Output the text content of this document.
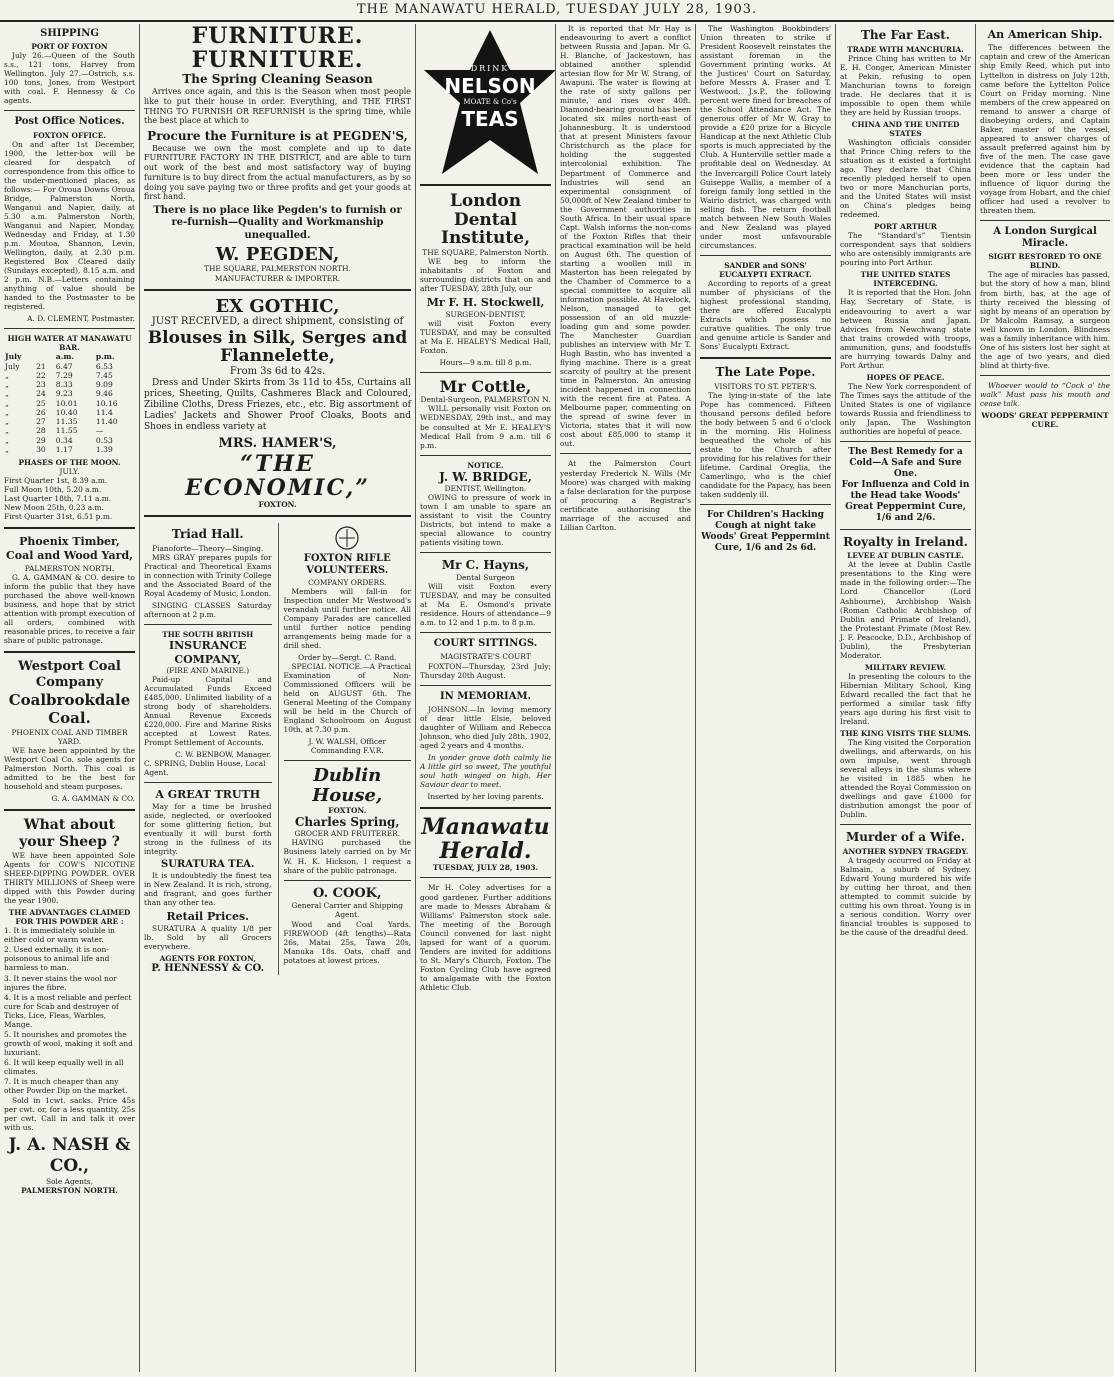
THE MANAWATU HERALD, TUESDAY JULY 28, 1903.
SHIPPING
PORT OF FOXTON

July 26.—Queen of the South s.s., 121 tons, Harvey from Wellington. July 27.—Ostrich, s.s. 100 tons, Jones, from Westport with coal. F. Hennessy & Co agents.

Post Office Notices.
FOXTON OFFICE.

On and after 1st December, 1900, the letter-box will be cleared for despatch of correspondence from this office to the under-mentioned places, as follows:— For Oroua Downs Oroua Bridge, Palmerston North, Wanganui and Napier, daily, at 5.30 a.m. Palmerston North, Wanganui and Napier, Monday, Wednesday and Friday, at 1.30 p.m. Moutoa, Shannon, Levin, Wellington, daily, at 2.30 p.m. Registered Box Cleared daily (Sundays excepted), 8.15 a.m. and 2 p.m. N.B.—Letters containing anything of value should be handed to the Postmaster to be registered.

A. D. CLEMENT, Postmaster.
HIGH WATER AT MANAWATU BAR.
July		a.m.	p.m.
July	21	6.47	6.53
„	22	7.29	7.45
„	23	8.33	9.09
„	24	9.23	9.46
„	25	10.01	10.16
„	26	10.40	11.4
„	27	11.35	11.40
„	28	11.55	—
„	29	0.34	0.53
„	30	1.17	1.39
PHASES OF THE MOON.
JULY.
First Quarter 1st, 8.39 a.m.
Full Moon 10th, 5.20 a.m.
Last Quarter 18th, 7.11 a.m.
New Moon 25th, 0.23 a.m.
First Quarter 31st, 6.51 p.m.
Phoenix Timber, Coal and Wood Yard,
PALMERSTON NORTH.

G. A. GAMMAN & CO. desire to inform the public that they have purchased the above well-known business, and hope that by strict attention with prompt execution of all orders, combined with reasonable prices, to receive a fair share of public patronage.

Westport Coal Company
Coalbrookdale Coal.
PHOENIX COAL AND TIMBER YARD.

WE have been appointed by the Westport Coal Co. sole agents for Palmerston North. This coal is admitted to be the best for household and steam purposes.

G. A. GAMMAN & CO.
What about your Sheep ?

WE have been appointed Sole Agents for COW'S NICOTINE SHEEP-DIPPING POWDER. OVER THIRTY MILLIONS of Sheep were dipped with this Powder during the year 1900.

THE ADVANTAGES CLAIMED FOR THIS POWDER ARE :
1. It is immediately soluble in either cold or warm water.
2. Used externally, it is non-poisonous to animal life and harmless to man.
3. It never stains the wool nor injures the fibre.
4. It is a most reliable and perfect cure for Scab and destroyer of Ticks, Lice, Fleas, Warbles, Mange.
5. It nourishes and promotes the growth of wool, making it soft and luxuriant.
6. It will keep equally well in all climates.
7. It is much cheaper than any other Powder Dip on the market.

Sold in 1cwt. sacks. Price 45s per cwt. or, for a less quantity, 25s per cwt. Call in and talk it over with us.

J. A. NASH & CO.,
Sole Agents,
PALMERSTON NORTH.
FURNITURE. FURNITURE.
The Spring Cleaning Season

Arrives once again, and this is the Season when most people like to put their house in order. Everything, and THE FIRST THING TO FURNISH OR REFURNISH is the spring time, while the best place at which to

Procure the Furniture is at PEGDEN'S,

Because we own the most complete and up to date FURNITURE FACTORY IN THE DISTRICT, and are able to turn out work of the best and most satisfactory way of buying furniture is to buy direct from the actual manufacturers, as by so doing you save paying two or three profits and get your goods at first hand.

There is no place like Pegden's to furnish or re-furnish—Quality and Workmanship unequalled.
W. PEGDEN,
THE SQUARE, PALMERSTON NORTH.
MANUFACTURER & IMPORTER.
EX GOTHIC,
JUST RECEIVED, a direct shipment, consisting of
Blouses in Silk, Serges and Flannelette,
From 3s 6d to 42s.

Dress and Under Skirts from 3s 11d to 45s, Curtains all prices, Sheeting, Quilts, Cashmeres Black and Coloured, Zibiline Cloths, Dress Friezes, etc., etc. Big assortment of Ladies' Jackets and Shower Proof Cloaks, Boots and Shoes in endless variety at

MRS. HAMER'S,
“THE ECONOMIC,”
FOXTON.
Triad Hall.
Pianoforte—Theory—Singing.

MRS GRAY prepares pupils for Practical and Theoretical Exams in connection with Trinity College and the Associated Board of the Royal Academy of Music, London.

SINGING CLASSES Saturday afternoon at 2 p.m.

THE SOUTH BRITISH
INSURANCE COMPANY,
(FIRE AND MARINE.)

Paid-up Capital and Accumulated Funds Exceed £485,000. Unlimited liability of a strong body of shareholders. Annual Revenue Exceeds £220,000. Fire and Marine Risks accepted at Lowest Rates. Prompt Settlement of Accounts.

C. W. BENBOW, Manager.
C. SPRING, Dublin House, Local Agent.
A GREAT TRUTH

May for a time be brushed aside, neglected, or overlooked for some glittering fiction, but eventually it will burst forth strong in the fullness of its integrity.

SURATURA TEA.

It is undoubtedly the finest tea in New Zealand. It is rich, strong, and fragrant, and goes further than any other tea.

Retail Prices.

SURATURA A quality 1/8 per lb. Sold by all Grocers everywhere.

AGENTS FOR FOXTON,
P. HENNESSY & CO.
FOXTON RIFLE VOLUNTEERS.
COMPANY ORDERS.

Members will fall-in for Inspection under Mr Westwood's verandah until further notice. All Company Parades are cancelled until further notice pending arrangements being made for a drill shed.

Order by—Sergt. C. Rand.

SPECIAL NOTICE.—A Practical Examination of Non-Commissioned Officers will be held on AUGUST 6th. The General Meeting of the Company will be held in the Church of England Schoolroom on August 10th, at 7.30 p.m.

J. W. WALSH, Officer Commanding F.V.R.
Dublin House,
FOXTON.
Charles Spring,
GROCER AND FRUITERER.

HAVING purchased the Business lately carried on by Mr W. H. K. Hickson, I request a share of the public patronage.

O. COOK,
General Carrier and Shipping Agent.

Wood and Coal Yards. FIREWOOD (4ft lengths)—Rata 26s, Matai 25s, Tawa 20s, Manuka 18s. Oats, chaff and potatoes at lowest prices.

DRINK
NELSON
MOATE & Co's
TEAS
London Dental Institute,
THE SQUARE, Palmerston North.

WE beg to inform the inhabitants of Foxton and surrounding districts that on and after TUESDAY, 28th July, our

Mr F. H. Stockwell,
SURGEON-DENTIST,

will visit Foxton every TUESDAY, and may be consulted at Ma E. HEALEY'S Medical Hall, Foxton.

Hours—9 a.m. till 8 p.m.
Mr Cottle,
Dental-Surgeon, PALMERSTON N.

WILL personally visit Foxton on WEDNESDAY, 29th inst., and may be consulted at Mr E. HEALEY'S Medical Hall from 9 a.m. till 6 p.m.

NOTICE.
J. W. BRIDGE,
DENTIST, Wellington.

OWING to pressure of work in town I am unable to spare an assistant to visit the Country Districts, but intend to make a special allowance to country patients visiting town.

Mr C. Hayns,
Dental Surgeon

Will visit Foxton every TUESDAY, and may be consulted at Ma E. Osmond's private residence. Hours of attendance—9 a.m. to 12 and 1 p.m. to 8 p.m.

COURT SITTINGS.
MAGISTRATE'S COURT

FOXTON—Thursday, 23rd July; Thursday 20th August.

IN MEMORIAM.

JOHNSON.—In loving memory of dear little Elsie, beloved daughter of William and Rebecca Johnson, who died July 28th, 1902, aged 2 years and 4 months.

In yonder grave doth calmly lie A little girl so sweet, The youthful soul hath winged on high, Her Saviour dear to meet.

Inserted by her loving parents.
Manawatu Herald.
TUESDAY, JULY 28, 1903.

Mr H. Coley advertises for a good gardener. Further additions are made to Messrs Abraham & Williams' Palmerston stock sale. The meeting of the Borough Council convened for last night lapsed for want of a quorum. Tenders are invited for additions to St. Mary's Church, Foxton. The Foxton Cycling Club have agreed to amalgamate with the Foxton Athletic Club.

It is reported that Mr Hay is endeavouring to avert a conflict between Russia and Japan. Mr G. H. Blanche, of Jackestown, has obtained another splendid artesian flow for Mr W. Strang, of Awapuni. The water is flowing at the rate of sixty gallons per minute, and rises over 40ft. Diamond-bearing ground has been located six miles north-east of Johannesburg. It is understood that at present Ministers favour Christchurch as the place for holding the suggested intercolonial exhibition. The Department of Commerce and Industries will send an experimental consignment of 50,000ft of New Zealand timber to the Government authorities in South Africa. In their usual space Capt. Walsh informs the non-coms of the Foxton Rifles that their practical examination will be held on August 6th. The question of starting a woollen mill in Masterton has been relegated by the Chamber of Commerce to a special committee to acquire all information possible. At Havelock, Nelson, managed to get possession of an old muzzle-loading gun and some powder. The Manchester Guardian publishes an interview with Mr T. Hugh Bastin, who has invented a flying machine. There is a great scarcity of poultry at the present time in Palmerston. An amusing incident happened in connection with the recent fire at Patea. A Melbourne paper, commenting on the spread of swine fever in Victoria, states that it will now cost about £85,000 to stamp it out.

At the Palmerston Court yesterday Frederick N. Wills (Mr Moore) was charged with making a false declaration for the purpose of procuring a Registrar's certificate authorising the marriage of the accused and Lillian Carlton.

The Washington Bookbinders' Union threaten to strike if President Roosevelt reinstates the assistant foreman in the Government printing works. At the Justices' Court on Saturday, before Messrs A. Fraser and T. Westwood, J.s.P., the following percent were fined for breaches of the School Attendance Act. The generous offer of Mr W. Gray to provide a £20 prize for a Bicycle Handicap at the next Athletic Club sports is much appreciated by the Club. A Hunterville settler made a profitable deal on Wednesday. At the Invercargill Police Court lately Guiseppe Wallis, a member of a foreign family long settled in the Wairio district, was charged with selling fish. The return football match between New South Wales and New Zealand was played under most unfavourable circumstances.

SANDER and SONS' EUCALYPTI EXTRACT.

According to reports of a great number of physicians of the highest professional standing, there are offered Eucalypti Extracts which possess no curative qualities. The only true and genuine article is Sander and Sons' Eucalypti Extract.

The Late Pope.
VISITORS TO ST. PETER'S.

The lying-in-state of the late Pope has commenced. Fifteen thousand persons defiled before the body between 5 and 6 o'clock in the morning. His Holiness bequeathed the whole of his estate to the Church after providing for his relatives for their lifetime. Cardinal Oreglia, the Camerlingo, who is the chief candidate for the Papacy, has been taken suddenly ill.

For Children's Hacking Cough at night take Woods' Great Peppermint Cure, 1/6 and 2s 6d.
The Far East.
TRADE WITH MANCHURIA.

Prince Ching has written to Mr E. H. Conger, American Minister at Pekin, refusing to open Manchurian towns to foreign trade. He declares that it is impossible to open them while they are held by Russian troops.

CHINA AND THE UNITED STATES

Washington officials consider that Prince Ching refers to the situation as it existed a fortnight ago. They declare that China recently pledged herself to open two or more Manchurian ports, and the United States will insist on China's pledges being redeemed.

PORT ARTHUR

The “Standard's” Tientsin correspondent says that soldiers who are ostensibly immigrants are pouring into Port Arthur.

THE UNITED STATES INTERCEDING.

It is reported that the Hon. John Hay, Secretary of State, is endeavouring to avert a war between Russia and Japan. Advices from Newchwang state that trains crowded with troops, ammunition, guns, and foodstuffs are hurrying towards Dalny and Port Arthur.

HOPES OF PEACE.

The New York correspondent of The Times says the attitude of the United States is one of vigilance towards Russia and friendliness to only Japan. The Washington authorities are hopeful of peace.

The Best Remedy for a Cold—A Safe and Sure One.
For Influenza and Cold in the Head take Woods' Great Peppermint Cure, 1/6 and 2/6.
Royalty in Ireland.
LEVEE AT DUBLIN CASTLE.

At the levee at Dublin Castle presentations to the King were made in the following order:—The Lord Chancellor (Lord Ashbourne), Archbishop Walsh (Roman Catholic Archbishop of Dublin and Primate of Ireland), the Protestant Primate (Most Rev. J. F. Peacocke, D.D., Archbishop of Dublin), the Presbyterian Moderator.

MILITARY REVIEW.

In presenting the colours to the Hibernian Military School, King Edward recalled the fact that he performed a similar task fifty years ago during his first visit to Ireland.

THE KING VISITS THE SLUMS.

The King visited the Corporation dwellings, and afterwards, on his own impulse, went through several alleys in the slums where he visited in 1885 when he attended the Royal Commission on dwellings and gave £1000 for distribution amongst the poor of Dublin.

Murder of a Wife.
ANOTHER SYDNEY TRAGEDY.

A tragedy occurred on Friday at Balmain, a suburb of Sydney. Edward Young murdered his wife by cutting her throat, and then attempted to commit suicide by cutting his own throat. Young is in a serious condition. Worry over financial troubles is supposed to be the cause of the dreadful deed.

An American Ship.

The differences between the captain and crew of the American ship Emily Reed, which put into Lyttelton in distress on July 12th, came before the Lyttelton Police Court on Friday morning. Nine members of the crew appeared on remand to answer a charge of disobeying orders, and Captain Baker, master of the vessel, appeared to answer charges of assault preferred against him by five of the men. The case gave evidence that the captain had been more or less under the influence of liquor during the voyage from Hobart, and the chief officer had used a revolver to threaten them.

A London Surgical Miracle.
SIGHT RESTORED TO ONE BLIND.

The age of miracles has passed, but the story of how a man, blind from birth, has, at the age of thirty received the blessing of sight by means of an operation by Dr Malcolm Ramsay, a surgeon well known in London. Blindness was a family inheritance with him. One of his sisters lost her sight at the age of two years, and died blind at thirty-five.

Whoever would to “Cock o' the walk” Must pass his mouth and cease talk.

WOODS' GREAT PEPPERMINT CURE.
